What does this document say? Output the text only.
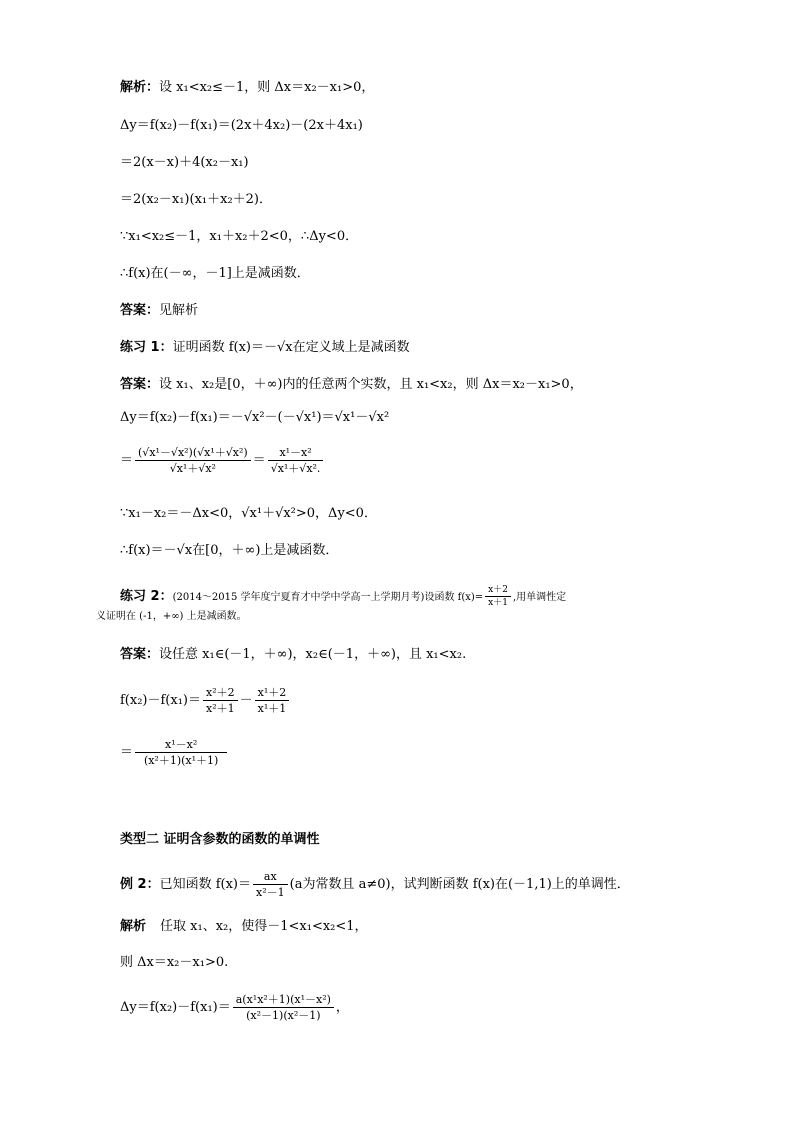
解析：设 x₁<x₂≤－1，则 Δx＝x₂－x₁>0，
Δy＝f(x₂)－f(x₁)＝(2x＋4x₂)－(2x＋4x₁)
＝2(x－x)＋4(x₂－x₁)
＝2(x₂－x₁)(x₁＋x₂＋2)．
∵x₁<x₂≤－1，x₁＋x₂＋2<0，∴Δy<0．
∴f(x)在(－∞，－1]上是减函数．
答案：见解析
练习 1：证明函数 f(x)＝－√x在定义域上是减函数
答案：设 x₁、x₂是[0，＋∞)内的任意两个实数，且 x₁<x₂，则 Δx＝x₂－x₁>0，
Δy＝f(x₂)－f(x₁)＝－√x²－(－√x¹)＝√x¹－√x²
＝ $\frac{\text{(√x¹－√x²)(√x¹＋√x²)}}{\text{√x¹＋√x²}} = \frac{\text{x¹－x²}}{\text{√x¹＋√x².}}$
∵x₁－x₂＝－Δx<0，√x¹＋√x²>0，Δy<0．
∴f(x)＝－√x在[0，＋∞)上是减函数．
练习 2：(2014～2015 学年度宁夏育才中学中学高一上学期月考)设函数 $f(x)= \frac{x+2}{x+1}$ ,用单调性定
义证明在 (-1，+∞) 上是减函数。
答案：设任意 x₁∈(－1，＋∞)，x₂∈(－1，＋∞)，且 x₁<x₂.
$f(x_2)-f(x_1)= \frac{\text{x²＋2}}{\text{x²＋1}} - \frac{\text{x¹＋2}}{\text{x¹＋1}}$
＝ $\frac{\text{x¹－x²}}{\text{(x²＋1)(x¹＋1)}}$
类型二 证明含参数的函数的单调性
例 2：已知函数 $f(x)= \frac{ax}{\text{x²－1}} (a$为常数且 a≠0)，试判断函数 f(x)在(－1,1)上的单调性．
解析 任取 x₁、x₂，使得－1<x₁<x₂<1，
则 Δx＝x₂－x₁>0.
$\Delta y=f(x_2)-f(x_1)= \frac{\text{a(x¹x²＋1)(x¹－x²)}}{\text{(x²－1)(x²－1)}}$ ，
